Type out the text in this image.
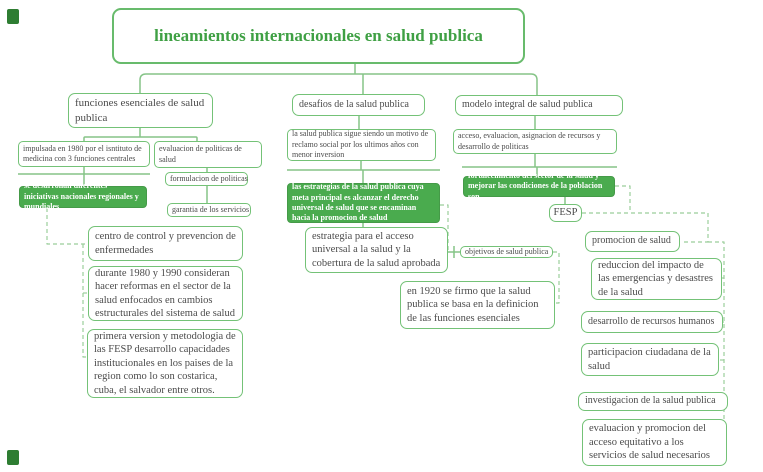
lineamientos internacionales en salud publica
funciones esenciales de salud publica
desafios de la salud publica	modelo integral de salud publica
impulsada en 1980 por el isntituto de medicina con 3 funciones centrales
evaluacion de politicas de salud
se desarrollan diferentes iniciativas nacionales regionales y mundiales
formulacion de politicas
garantia de los servicios
centro de control y prevencion de enfermedades
durante 1980 y 1990 consideran hacer reformas en el sector de la salud enfocados en cambios estructurales del sistema de salud
primera version y metodologia de las FESP desarrollo capacidades institucionales en los paises de la region como lo son costarica, cuba, el salvador entre otros.
la salud publica sigue siendo un motivo de reclamo social por los ultimos años con menor inversion
las estrategias de la salud publica cuya meta principal es alcanzar el derecho universal de salud que se encaminan hacia la promocion de salud
estrategia para el acceso universal a la salud y la cobertura de la salud aprobada
objetivos de salud publica
en 1920 se firmo que la salud publica se basa en la definicion de las funciones esenciales
acceso, evaluacion, asignacion de recursos y desarrollo de politicas
fortalecimiento del sector de la salud y mejorar las condiciones de la poblacion son
FESP
promocion de salud
reduccion del impacto de las emergencias y desastres de la salud
desarrollo de recursos humanos
participacion ciudadana de la salud
investigacion de la salud publica
evaluacion y promocion del acceso equitativo a los servicios de salud necesarios
